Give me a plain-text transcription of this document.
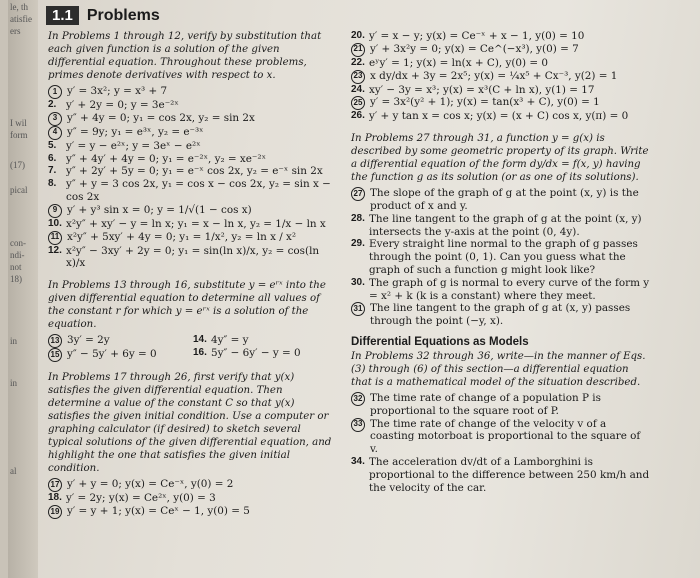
le, th
atisfie
ers
I wil
form
(17)
pical
con-
ndi-
not
18)
in
in
al
1.1 Problems

In Problems 1 through 12, verify by substitution that each given function is a solution of the given differential equation. Throughout these problems, primes denote derivatives with respect to x.

1 y′ = 3x²; y = x³ + 7
2. y′ + 2y = 0; y = 3e⁻²ˣ
3 y″ + 4y = 0; y₁ = cos 2x, y₂ = sin 2x
4 y″ = 9y; y₁ = e³ˣ, y₂ = e⁻³ˣ
5. y′ = y − e²ˣ; y = 3eˣ − e²ˣ
6. y″ + 4y′ + 4y = 0; y₁ = e⁻²ˣ, y₂ = xe⁻²ˣ
7. y″ + 2y′ + 5y = 0; y₁ = e⁻ˣ cos 2x, y₂ = e⁻ˣ sin 2x
8. y″ + y = 3 cos 2x, y₁ = cos x − cos 2x, y₂ = sin x − cos 2x
9 y′ + y³ sin x = 0; y = 1/√(1 − cos x)
10. x²y″ + xy′ − y = ln x; y₁ = x − ln x, y₂ = 1/x − ln x
11 x²y″ + 5xy′ + 4y = 0; y₁ = 1/x², y₂ = ln x / x²
12. x²y″ − 3xy′ + 2y = 0; y₁ = sin(ln x)/x, y₂ = cos(ln x)/x

In Problems 13 through 16, substitute y = eʳˣ into the given differential equation to determine all values of the constant r for which y = eʳˣ is a solution of the equation.

13 3y′ = 2y
15 y″ − 5y′ + 6y = 0
14. 4y″ = y
16. 5y″ − 6y′ − y = 0

In Problems 17 through 26, first verify that y(x) satisfies the given differential equation. Then determine a value of the constant C so that y(x) satisfies the given initial condition. Use a computer or graphing calculator (if desired) to sketch several typical solutions of the given differential equation, and highlight the one that satisfies the given initial condition.

17 y′ + y = 0; y(x) = Ce⁻ˣ, y(0) = 2
18. y′ = 2y; y(x) = Ce²ˣ, y(0) = 3
19 y′ = y + 1; y(x) = Ceˣ − 1, y(0) = 5
20. y′ = x − y; y(x) = Ce⁻ˣ + x − 1, y(0) = 10
21 y′ + 3x²y = 0; y(x) = Ce^(−x³), y(0) = 7
22. eʸy′ = 1; y(x) = ln(x + C), y(0) = 0
23 x dy/dx + 3y = 2x⁵; y(x) = ¼x⁵ + Cx⁻³, y(2) = 1
24. xy′ − 3y = x³; y(x) = x³(C + ln x), y(1) = 17
25 y′ = 3x²(y² + 1); y(x) = tan(x³ + C), y(0) = 1
26. y′ + y tan x = cos x; y(x) = (x + C) cos x, y(π) = 0

In Problems 27 through 31, a function y = g(x) is described by some geometric property of its graph. Write a differential equation of the form dy/dx = f(x, y) having the function g as its solution (or as one of its solutions).

27 The slope of the graph of g at the point (x, y) is the product of x and y.
28. The line tangent to the graph of g at the point (x, y) intersects the y-axis at the point (0, 4y).
29. Every straight line normal to the graph of g passes through the point (0, 1). Can you guess what the graph of such a function g might look like?
30. The graph of g is normal to every curve of the form y = x² + k (k is a constant) where they meet.
31 The line tangent to the graph of g at (x, y) passes through the point (−y, x).
Differential Equations as Models

In Problems 32 through 36, write—in the manner of Eqs. (3) through (6) of this section—a differential equation that is a mathematical model of the situation described.

32 The time rate of change of a population P is proportional to the square root of P.
33 The time rate of change of the velocity v of a coasting motorboat is proportional to the square of v.
34. The acceleration dv/dt of a Lamborghini is proportional to the difference between 250 km/h and the velocity of the car.
